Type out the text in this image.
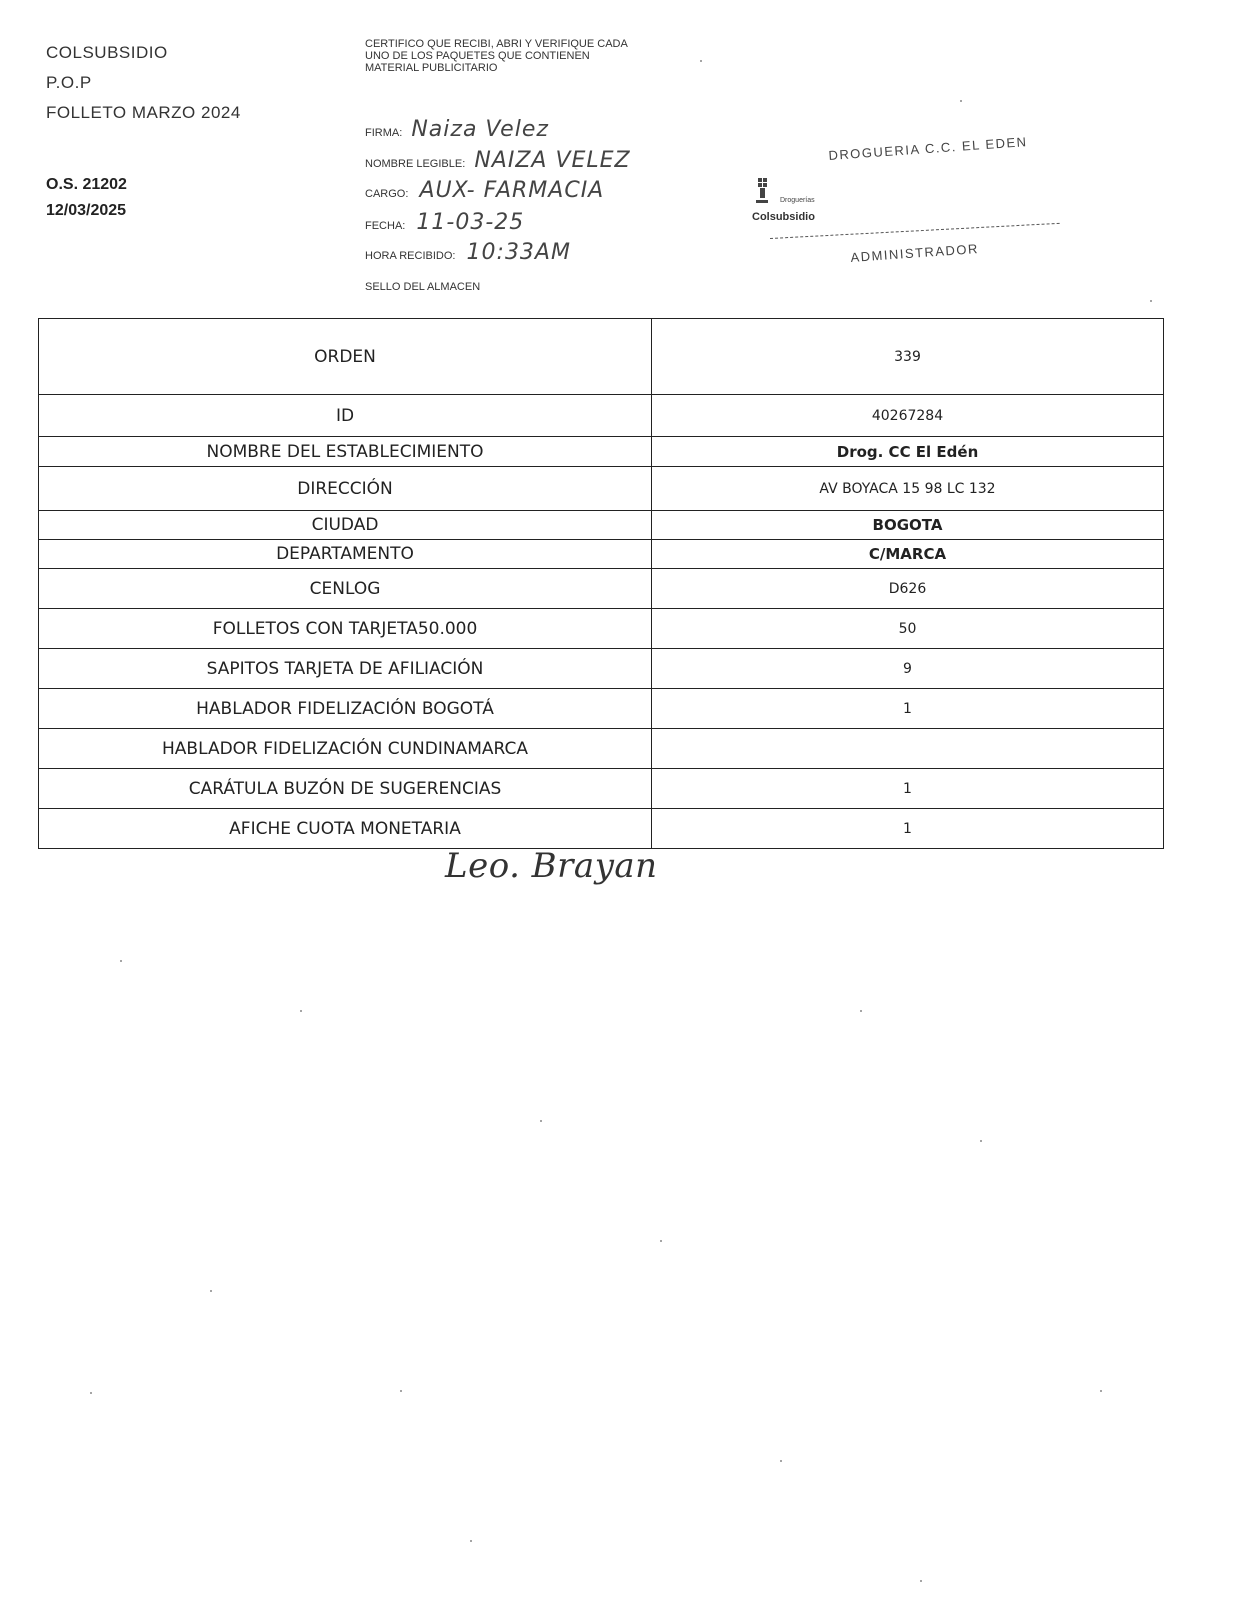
COLSUBSIDIO
P.O.P
FOLLETO MARZO 2024
O.S. 21202
12/03/2025
CERTIFICO QUE RECIBI, ABRI Y VERIFIQUE CADA UNO DE LOS PAQUETES QUE CONTIENEN MATERIAL PUBLICITARIO
FIRMA: Naiza Velez
NOMBRE LEGIBLE: NAIZA VELEZ
CARGO: AUX- FARMACIA
FECHA: 11-03-25
HORA RECIBIDO: 10:33AM
SELLO DEL ALMACEN
DROGUERIA C.C. EL EDEN
Droguerías
Colsubsidio
ADMINISTRADOR
ORDEN	339
ID	40267284
NOMBRE DEL ESTABLECIMIENTO	Drog. CC El Edén
DIRECCIÓN	AV BOYACA 15 98 LC 132
CIUDAD	BOGOTA
DEPARTAMENTO	C/MARCA
CENLOG	D626
FOLLETOS CON TARJETA50.000	50
SAPITOS TARJETA DE AFILIACIÓN	9
HABLADOR FIDELIZACIÓN BOGOTÁ	1
HABLADOR FIDELIZACIÓN CUNDINAMARCA	
CARÁTULA BUZÓN DE SUGERENCIAS	1
AFICHE CUOTA MONETARIA	1
Leo. Brayan
